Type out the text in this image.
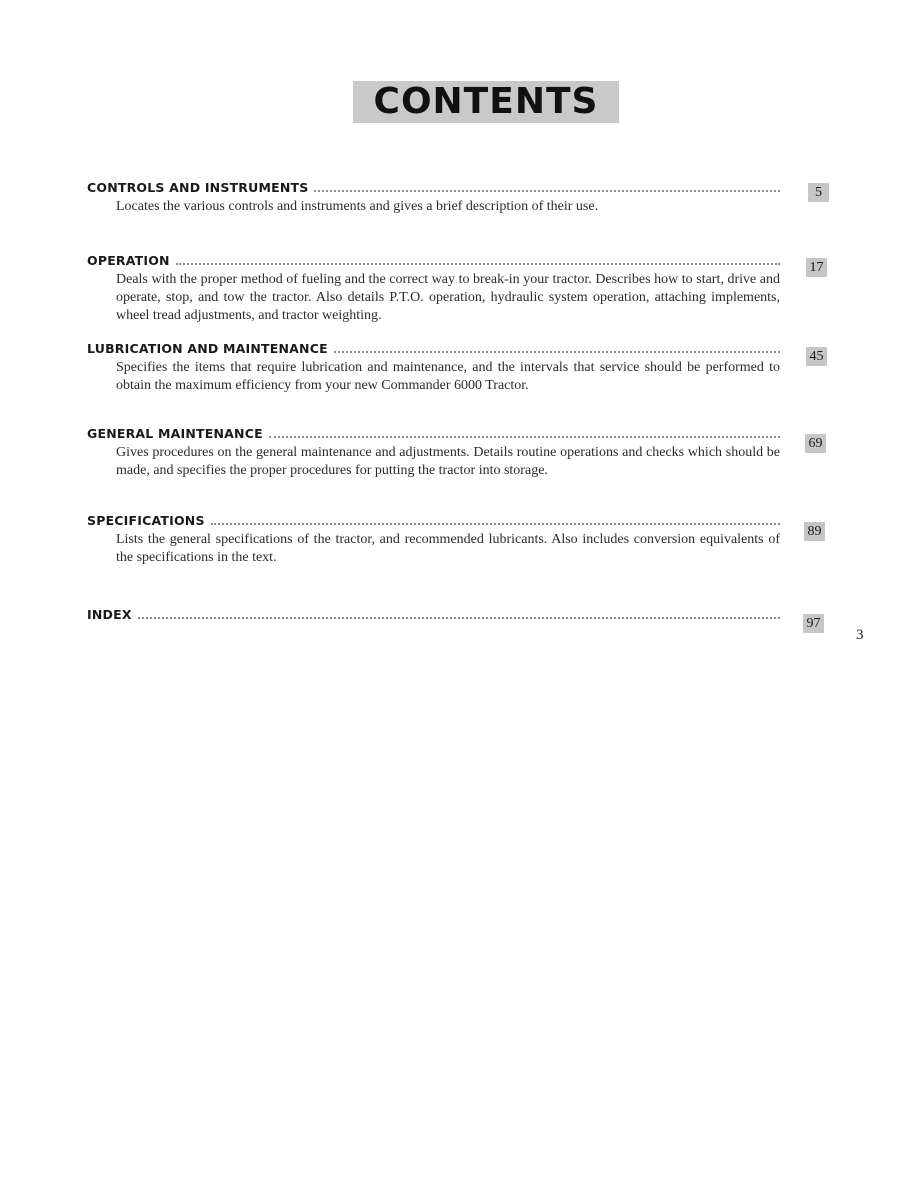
CONTENTS
CONTROLS AND INSTRUMENTS
Locates the various controls and instruments and gives a brief description of their use.
5
OPERATION
Deals with the proper method of fueling and the correct way to break-in your tractor. Describes how to start, drive and operate, stop, and tow the tractor. Also details P.T.O. operation, hydraulic system operation, attaching implements, wheel tread adjustments, and tractor weighting.
17
LUBRICATION AND MAINTENANCE
Specifies the items that require lubrication and maintenance, and the intervals that service should be performed to obtain the maximum efficiency from your new Commander 6000 Tractor.
45
GENERAL MAINTENANCE
Gives procedures on the general maintenance and adjustments. Details routine operations and checks which should be made, and specifies the proper procedures for putting the tractor into storage.
69
SPECIFICATIONS
Lists the general specifications of the tractor, and recommended lubricants. Also includes conversion equivalents of the specifications in the text.
89
INDEX
97
3
